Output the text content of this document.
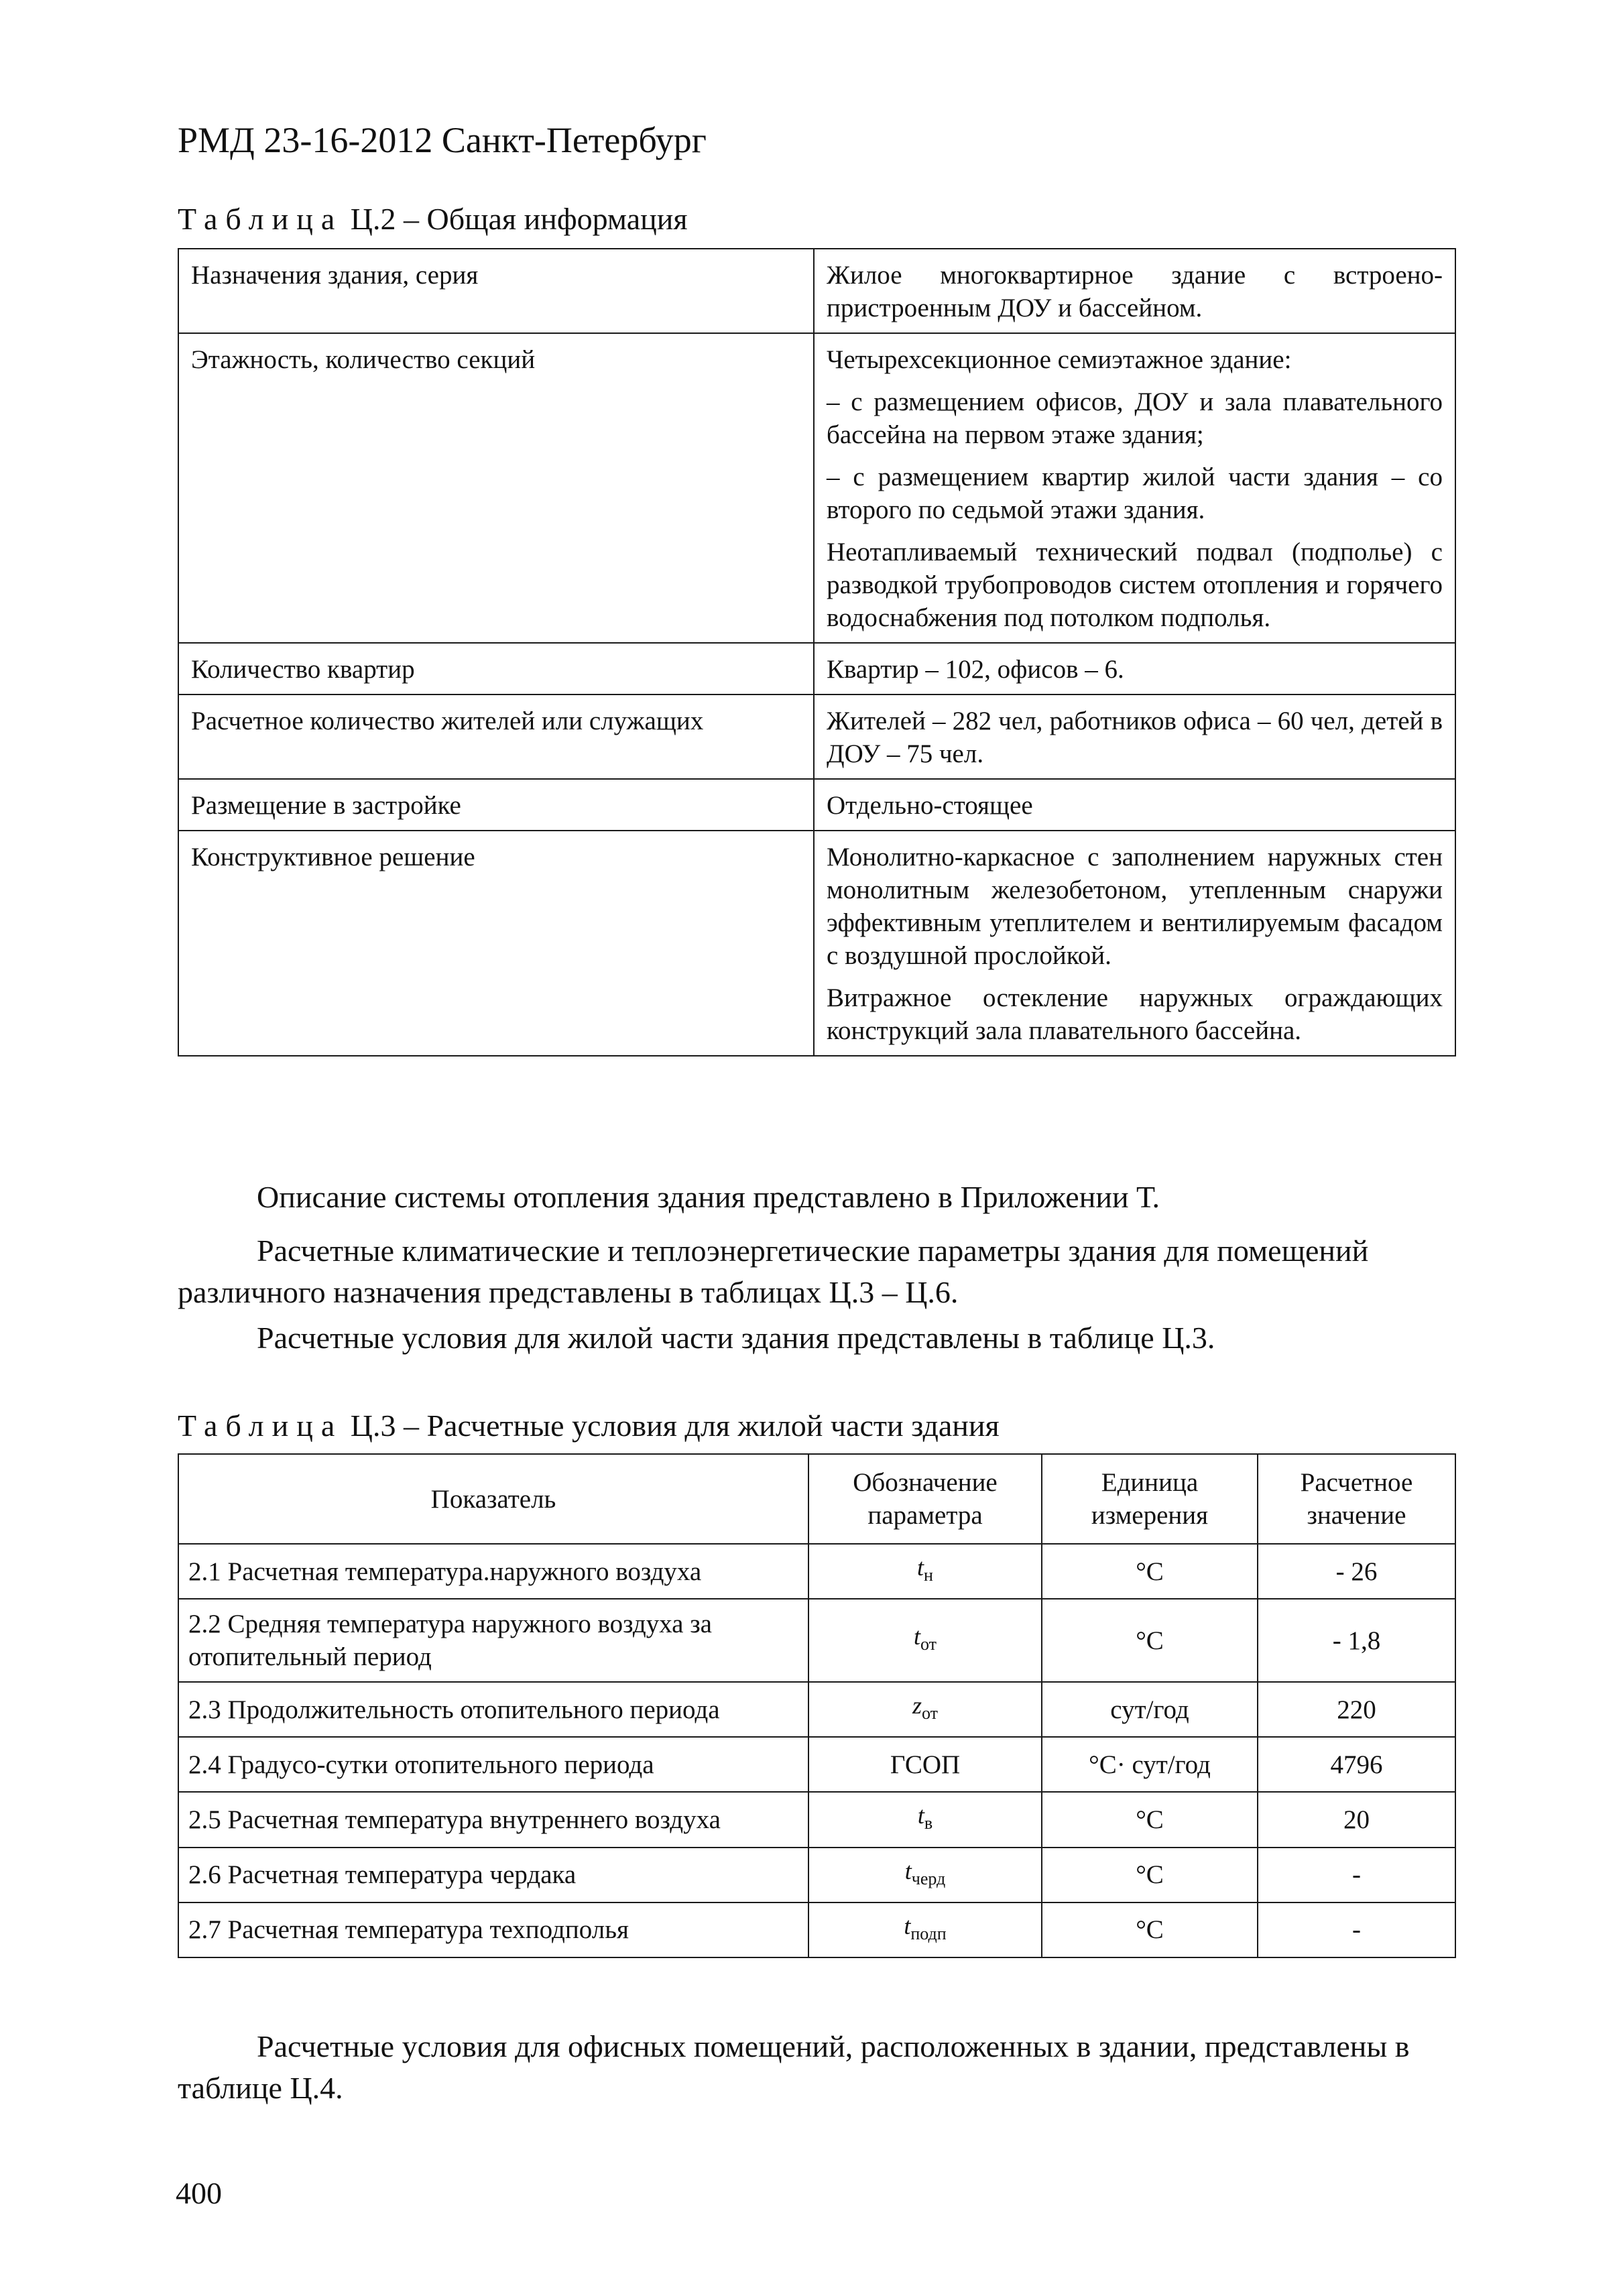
РМД 23-16-2012 Санкт-Петербург
Таблица Ц.2 – Общая информация
Назначения здания, серия	Жилое многоквартирное здание с встроено-пристроенным ДОУ и бассейном.

Этажность, количество секций	Четырехсекционное семиэтажное здание:

– с размещением офисов, ДОУ и зала плавательного бассейна на первом этаже здания;

– с размещением квартир жилой части здания – со второго по седьмой этажи здания.

Неотапливаемый технический подвал (подполье) с разводкой трубопроводов систем отопления и горячего водоснабжения под потолком подполья.

Количество квартир	Квартир – 102, офисов – 6.

Расчетное количество жителей или служащих	Жителей – 282 чел, работников офиса – 60 чел, детей в ДОУ – 75 чел.

Размещение в застройке	Отдельно-стоящее

Конструктивное решение	Монолитно-каркасное с заполнением наружных стен монолитным железобетоном, утепленным снаружи эффективным утеплителем и вентилируемым фасадом с воздушной прослойкой.

Витражное остекление наружных ограждающих конструкций зала плавательного бассейна.

Описание системы отопления здания представлено в Приложении Т.

Расчетные климатические и теплоэнергетические параметры здания для помещений различного назначения представлены в таблицах Ц.3 – Ц.6.

Расчетные условия для жилой части здания представлены в таблице Ц.3.

Таблица Ц.3 – Расчетные условия для жилой части здания
Показатель	Обозначение параметра	Единица измерения	Расчетное значение
2.1 Расчетная температура.наружного воздуха	$t_н$	°С	- 26
2.2 Средняя температура наружного воздуха за отопительный период	$t_{от}$	°С	- 1,8
2.3 Продолжительность отопительного периода	$z_{от}$	сут/год	220
2.4 Градусо-сутки отопительного периода	ГСОП	°С· сут/год	4796
2.5 Расчетная температура внутреннего воздуха	$t_в$	°С	20
2.6 Расчетная температура чердака	$t_{черд}$	°С	-
2.7 Расчетная температура техподполья	$t_{подп}$	°С	-

Расчетные условия для офисных помещений, расположенных в здании, представлены в таблице Ц.4.

400
